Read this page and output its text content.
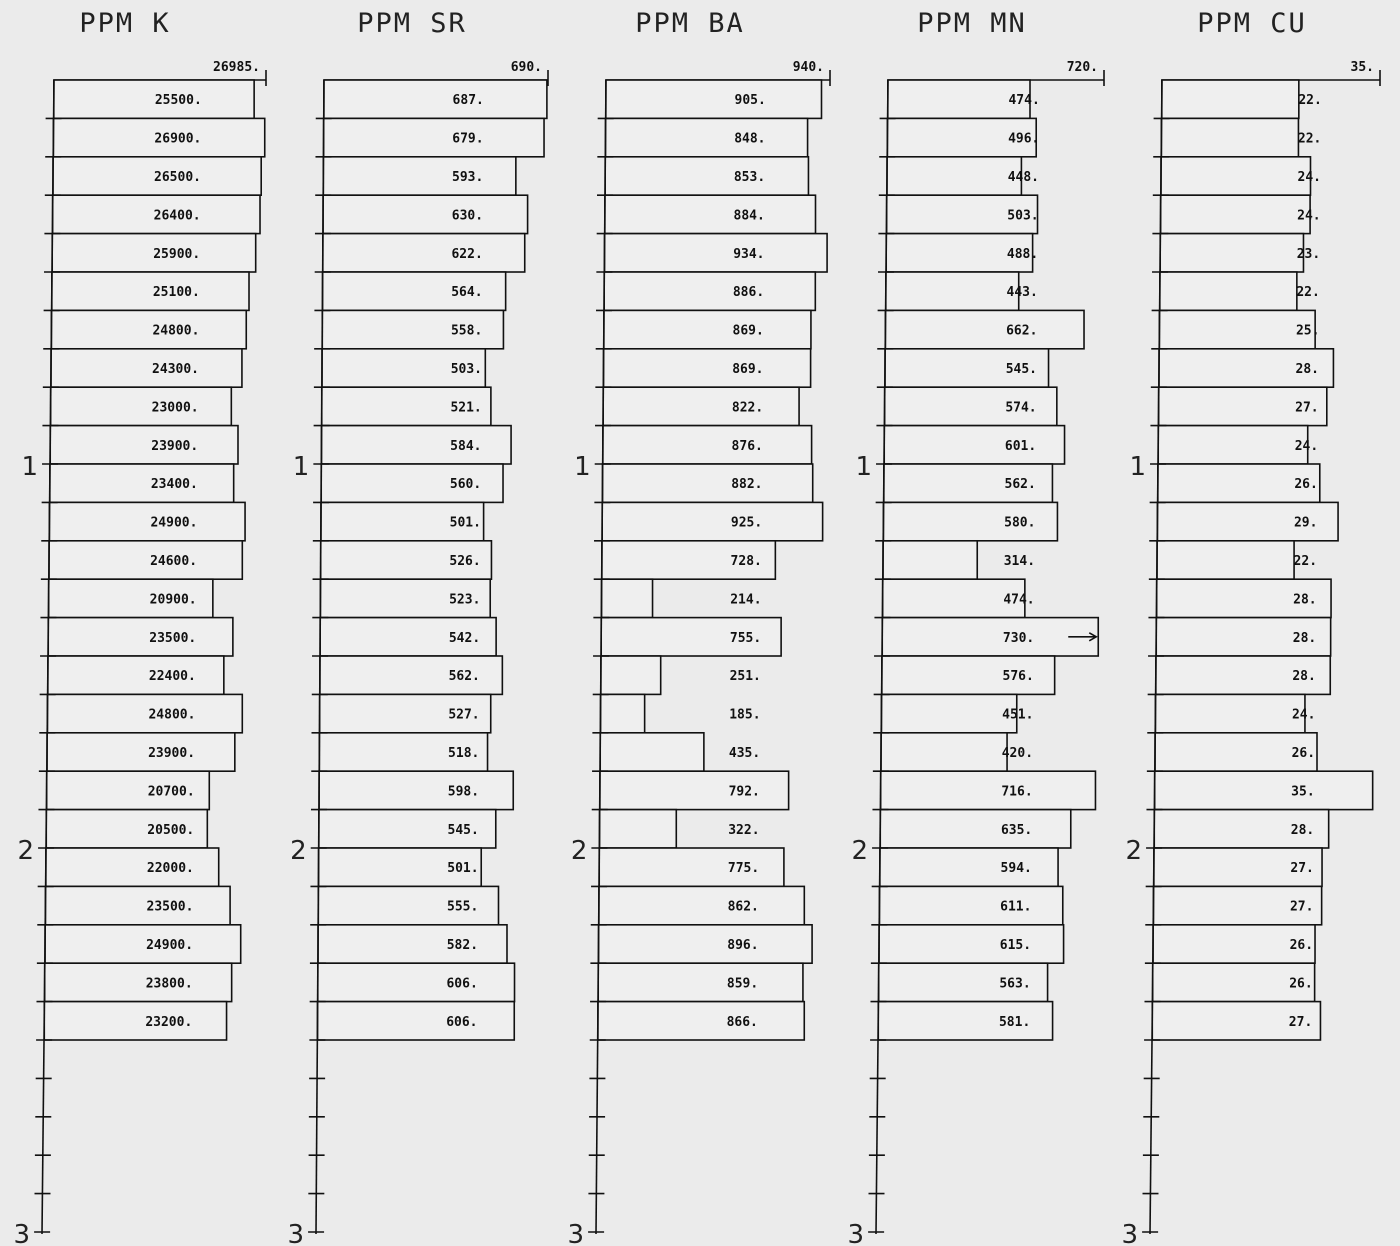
PPM K
26985.
25500.
26900.
26500.
26400.
25900.
25100.
24800.
24300.
23000.
23900.
23400.
24900.
24600.
20900.
23500.
22400.
24800.
23900.
20700.
20500.
22000.
23500.
24900.
23800.
23200.
1
2
3
PPM SR
690.
687.
679.
593.
630.
622.
564.
558.
503.
521.
584.
560.
501.
526.
523.
542.
562.
527.
518.
598.
545.
501.
555.
582.
606.
606.
1
2
3
PPM BA
940.
905.
848.
853.
884.
934.
886.
869.
869.
822.
876.
882.
925.
728.
214.
755.
251.
185.
435.
792.
322.
775.
862.
896.
859.
866.
1
2
3
PPM MN
720.
474.
496.
448.
503.
488.
443.
662.
545.
574.
601.
562.
580.
314.
474.
730.
576.
451.
420.
716.
635.
594.
611.
615.
563.
581.
1
2
3
PPM CU
35.
22.
22.
24.
24.
23.
22.
25.
28.
27.
24.
26.
29.
22.
28.
28.
28.
24.
26.
35.
28.
27.
27.
26.
26.
27.
1
2
3
